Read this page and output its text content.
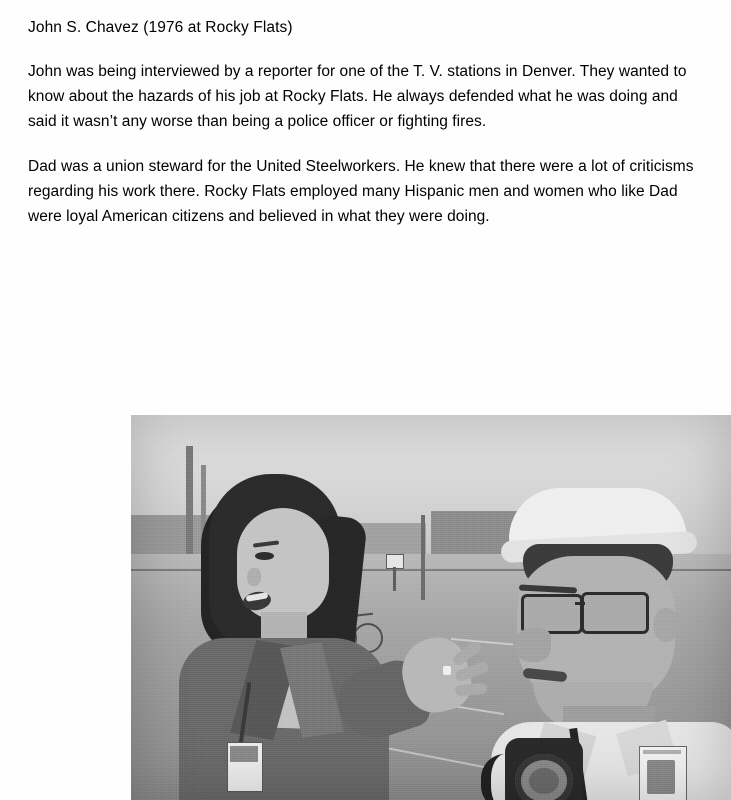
John S. Chavez (1976 at Rocky Flats)

John was being interviewed by a reporter for one of the T. V. stations in Denver. They wanted to know about the hazards of his job at Rocky Flats. He always defended what he was doing and said it wasn’t any worse than being a police officer or fighting fires.

Dad was a union steward for the United Steelworkers. He knew that there were a lot of criticisms regarding his work there. Rocky Flats employed many Hispanic men and women who like Dad were loyal American citizens and believed in what they were doing.
